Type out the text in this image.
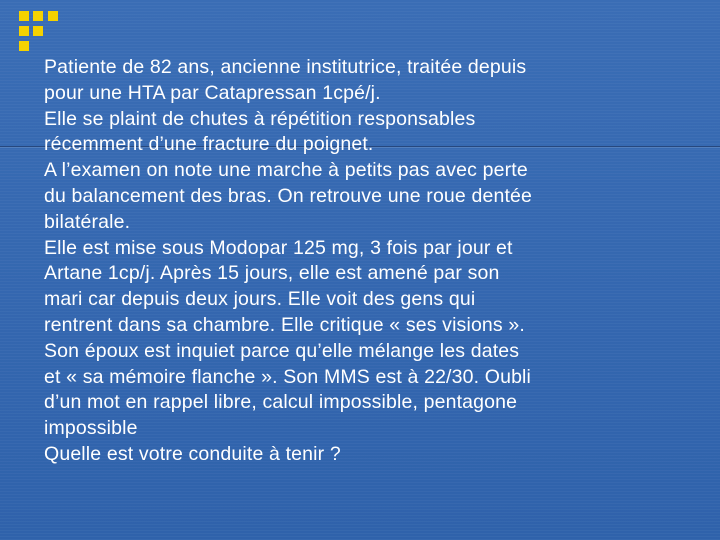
Patiente de 82 ans, ancienne institutrice, traitée depuis
pour une HTA par Catapressan 1cpé/j.
Elle se plaint de chutes à répétition responsables
récemment d’une fracture du poignet.
A l’examen on note une marche à petits pas avec perte
du balancement des bras. On retrouve une roue dentée
bilatérale.
Elle est mise sous Modopar 125 mg, 3 fois par jour et
Artane 1cp/j. Après 15 jours, elle est amené par son
mari car depuis deux jours. Elle voit des gens qui
rentrent dans sa chambre. Elle critique « ses visions ».
Son époux est inquiet parce qu’elle mélange les dates
et « sa mémoire flanche ». Son MMS est à 22/30. Oubli
d’un mot en rappel libre, calcul impossible, pentagone
impossible
Quelle est votre conduite à tenir ?
